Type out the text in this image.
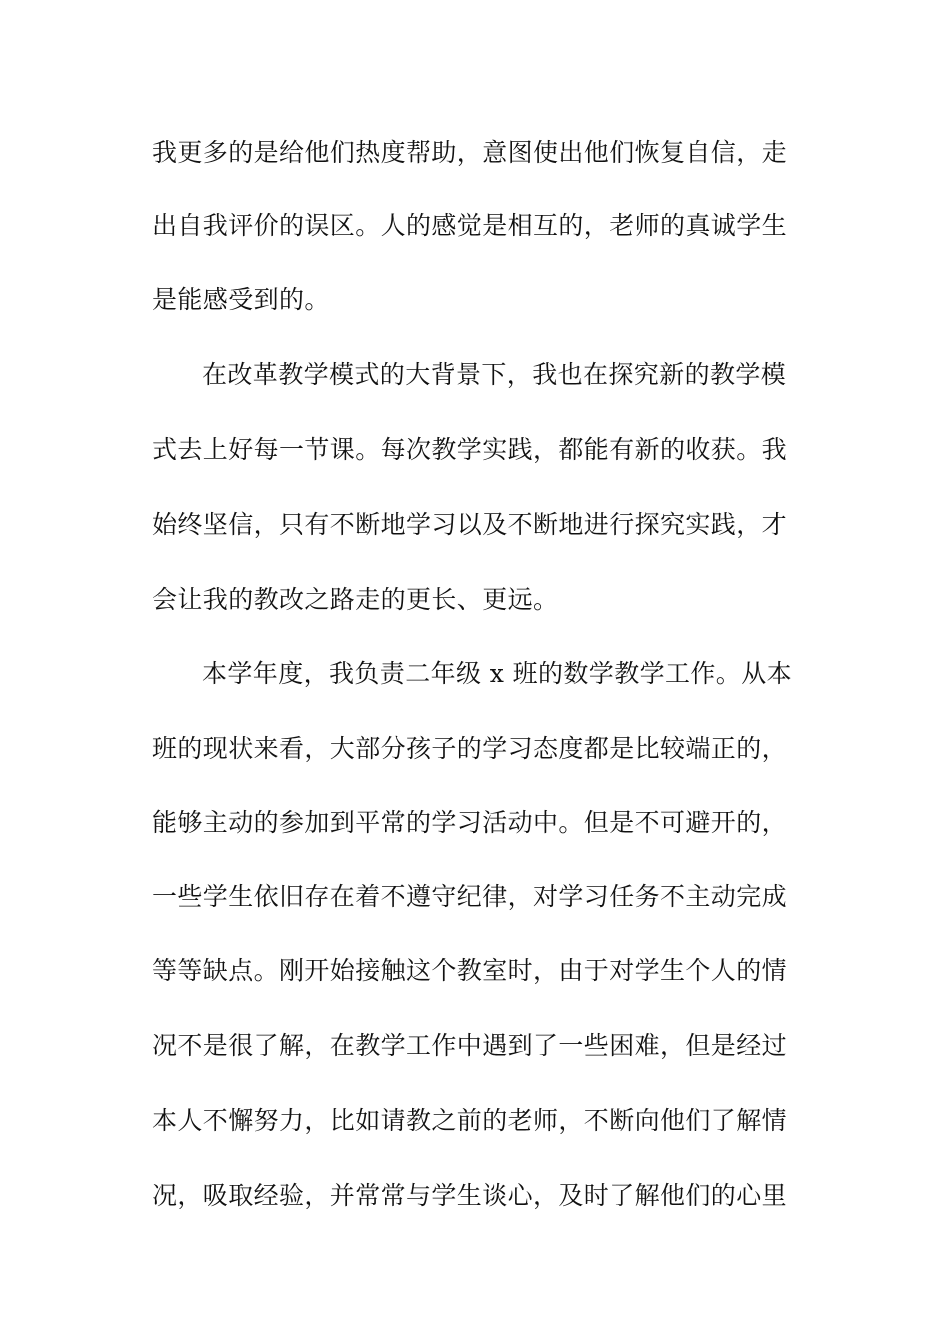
我更多的是给他们热度帮助，意图使出他们恢复自信，走
出自我评价的误区。人的感觉是相互的，老师的真诚学生
是能感受到的。
在改革教学模式的大背景下，我也在探究新的教学模
式去上好每一节课。每次教学实践，都能有新的收获。我
始终坚信，只有不断地学习以及不断地进行探究实践，才
会让我的教改之路走的更长、更远。
本学年度，我负责二年级 x 班的数学教学工作。从本
班的现状来看，大部分孩子的学习态度都是比较端正的，
能够主动的参加到平常的学习活动中。但是不可避开的，
一些学生依旧存在着不遵守纪律，对学习任务不主动完成
等等缺点。刚开始接触这个教室时，由于对学生个人的情
况不是很了解，在教学工作中遇到了一些困难，但是经过
本人不懈努力，比如请教之前的老师，不断向他们了解情
况，吸取经验，并常常与学生谈心，及时了解他们的心里
